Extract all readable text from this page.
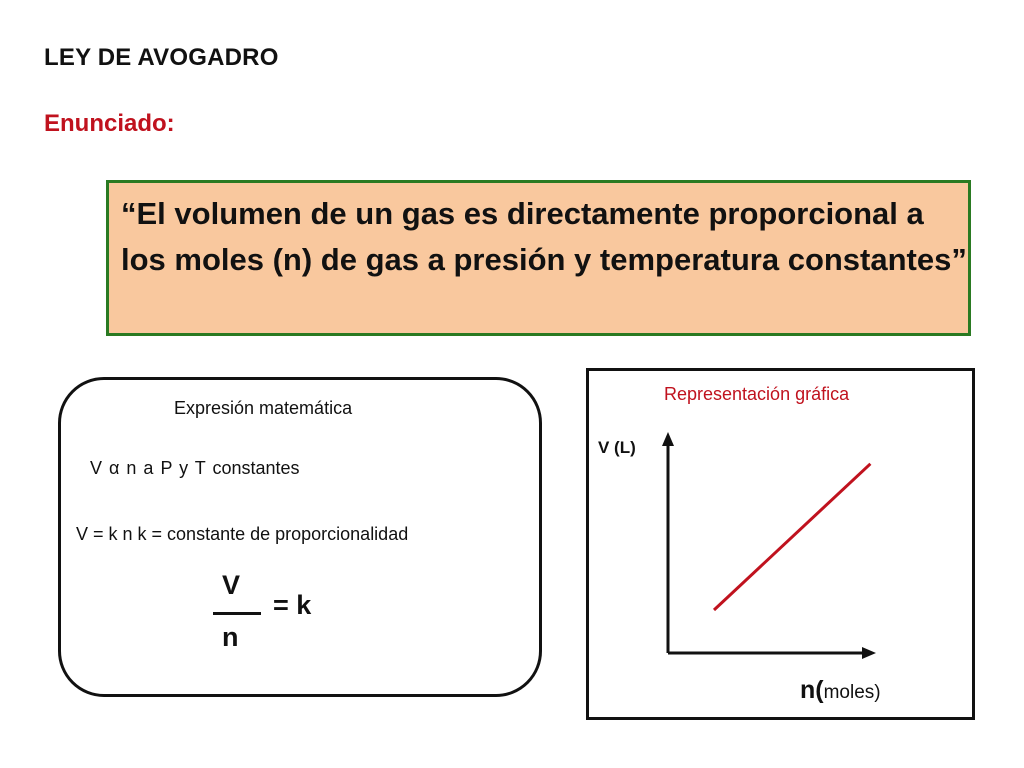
LEY DE AVOGADRO
Enunciado:

“El volumen de un gas es directamente proporcional a los moles (n) de gas a presión y temperatura constantes”

Expresión matemática
V α n a P y T constantes
V = k n k = constante de proporcionalidad
V
n
= k
Representación gráfica
V (L)
n(moles)
